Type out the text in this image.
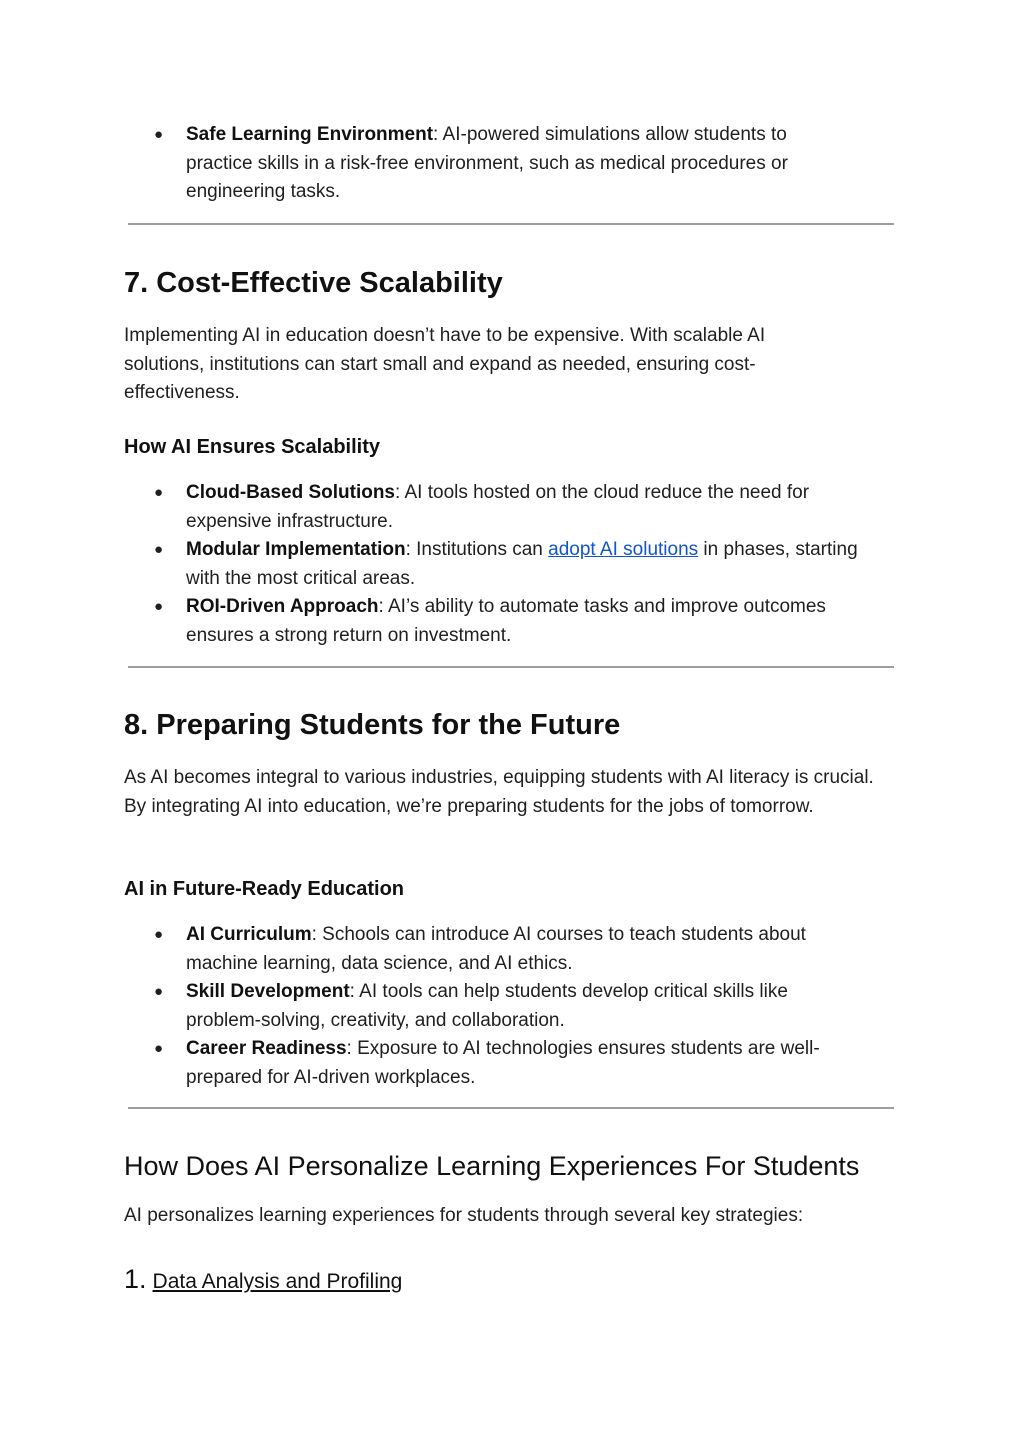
● Safe Learning Environment: AI-powered simulations allow students to practice skills in a risk-free environment, such as medical procedures or engineering tasks.
7. Cost-Effective Scalability

Implementing AI in education doesn’t have to be expensive. With scalable AI solutions, institutions can start small and expand as needed, ensuring cost-effectiveness.

How AI Ensures Scalability
● Cloud-Based Solutions: AI tools hosted on the cloud reduce the need for expensive infrastructure.
● Modular Implementation: Institutions can adopt AI solutions in phases, starting with the most critical areas.
● ROI-Driven Approach: AI’s ability to automate tasks and improve outcomes ensures a strong return on investment.
8. Preparing Students for the Future

As AI becomes integral to various industries, equipping students with AI literacy is crucial. By integrating AI into education, we’re preparing students for the jobs of tomorrow.

AI in Future-Ready Education
● AI Curriculum: Schools can introduce AI courses to teach students about machine learning, data science, and AI ethics.
● Skill Development: AI tools can help students develop critical skills like problem-solving, creativity, and collaboration.
● Career Readiness: Exposure to AI technologies ensures students are well-prepared for AI-driven workplaces.
How Does AI Personalize Learning Experiences For Students

AI personalizes learning experiences for students through several key strategies:

1. Data Analysis and Profiling
